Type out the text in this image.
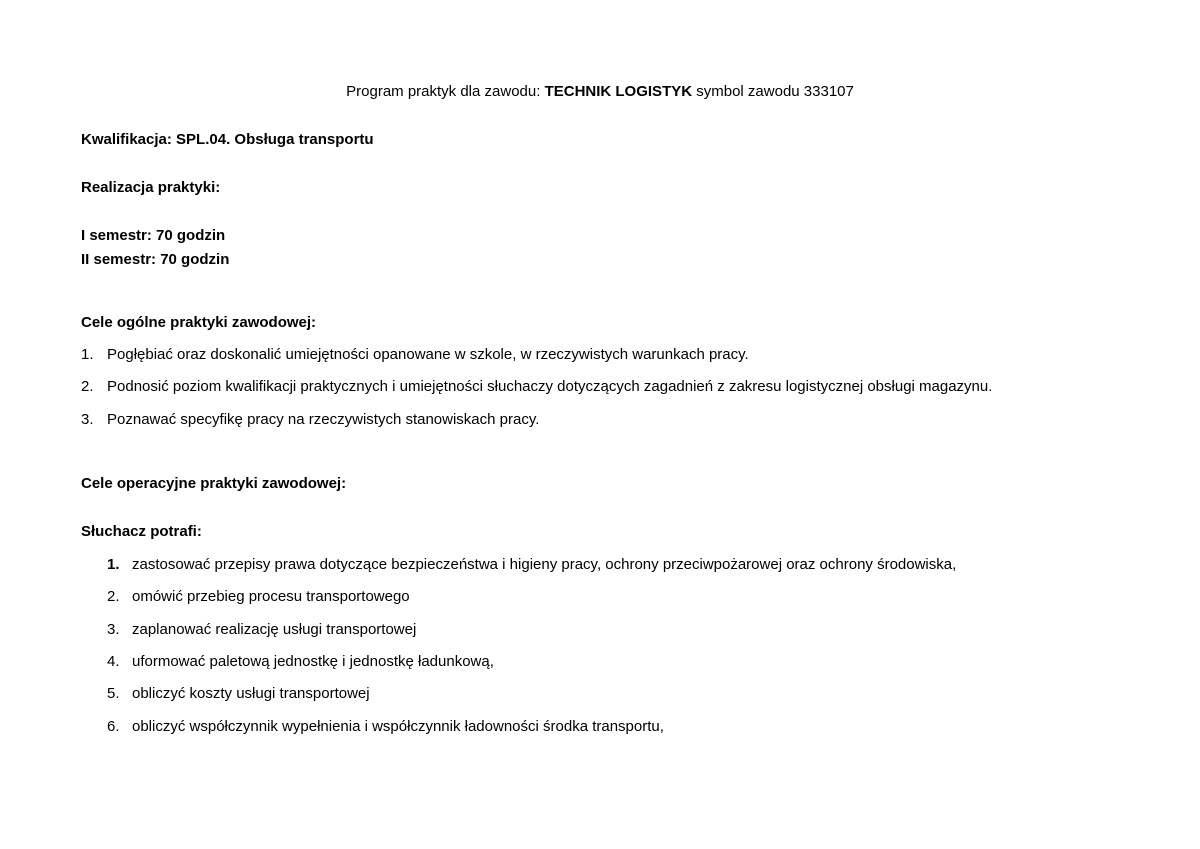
Program praktyk dla zawodu: TECHNIK LOGISTYK symbol zawodu 333107
Kwalifikacja: SPL.04. Obsługa transportu
Realizacja praktyki:
I semestr: 70 godzin
II semestr: 70 godzin
Cele ogólne praktyki zawodowej:
1. Pogłębiać oraz doskonalić umiejętności opanowane w szkole, w rzeczywistych warunkach pracy.
2. Podnosić poziom kwalifikacji praktycznych i umiejętności słuchaczy dotyczących zagadnień z zakresu logistycznej obsługi magazynu.
3. Poznawać specyfikę pracy na rzeczywistych stanowiskach pracy.
Cele operacyjne praktyki zawodowej:
Słuchacz potrafi:
1. zastosować przepisy prawa dotyczące bezpieczeństwa i higieny pracy, ochrony przeciwpożarowej oraz ochrony środowiska,
2. omówić przebieg procesu transportowego
3. zaplanować realizację usługi transportowej
4. uformować paletową jednostkę i jednostkę ładunkową,
5. obliczyć koszty usługi transportowej
6. obliczyć współczynnik wypełnienia i współczynnik ładowności środka transportu,
